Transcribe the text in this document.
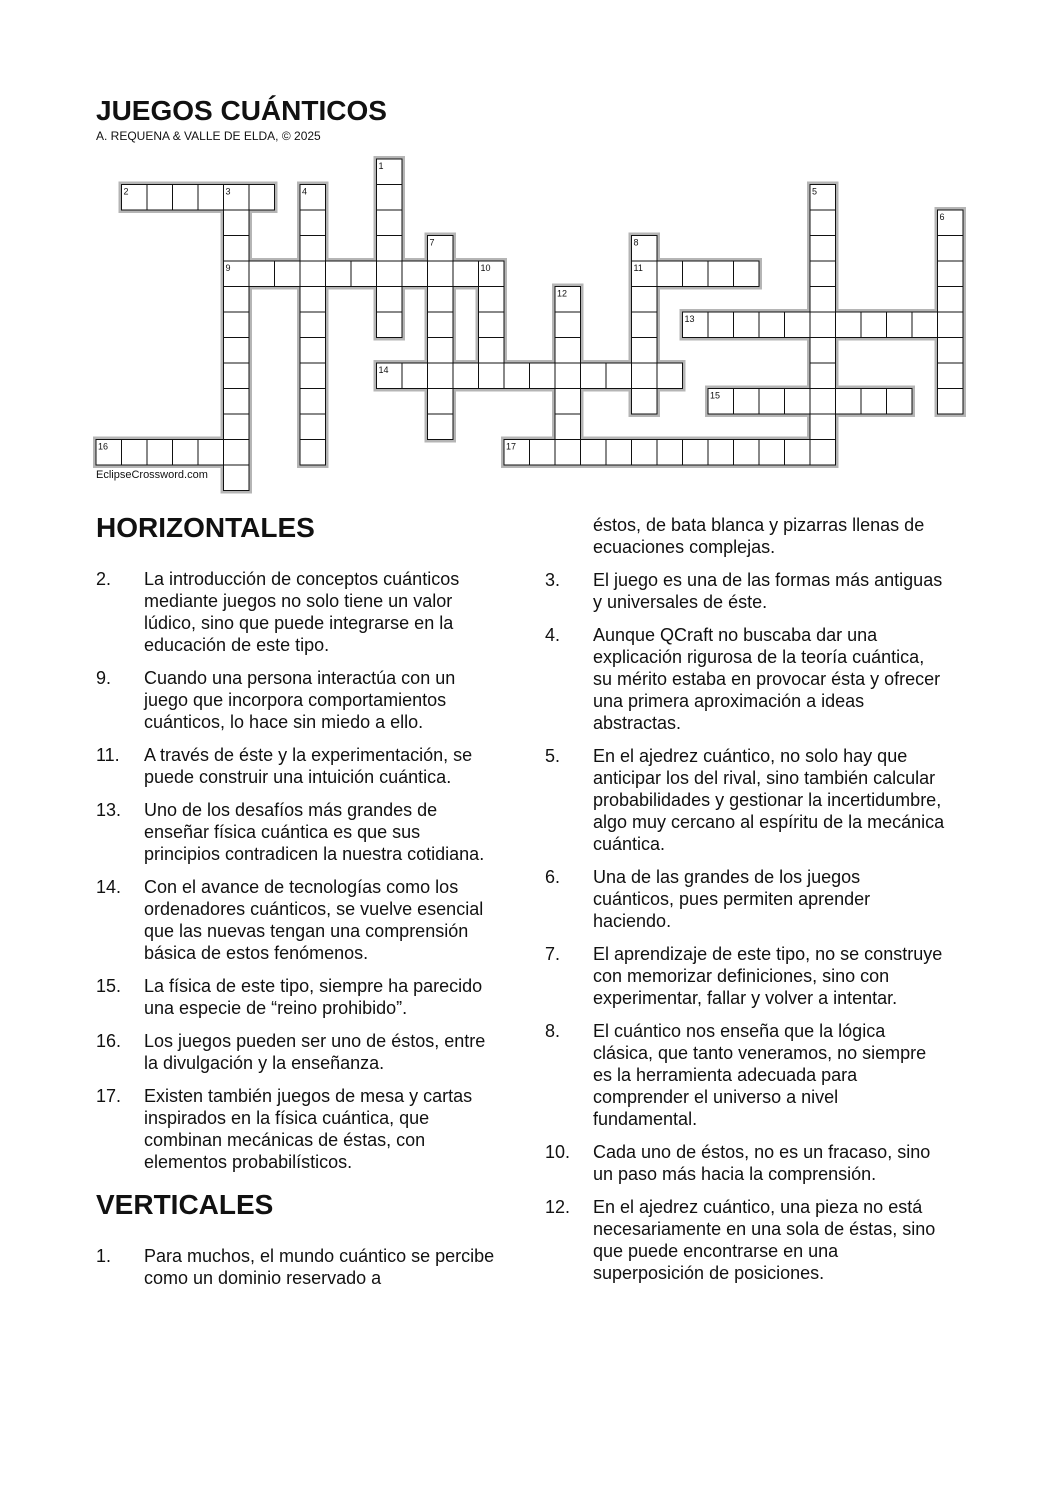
JUEGOS CUÁNTICOS
A. REQUENA & VALLE DE ELDA, © 2025
1
2	3	4	5
6
7	8
9	10	11
12
13
14
15
16	17
EclipseCrossword.com
HORIZONTALES
2.	La introducción de conceptos cuánticos mediante juegos no solo tiene un valor lúdico, sino que puede integrarse en la educación de este tipo.
9.	Cuando una persona interactúa con un juego que incorpora comportamientos cuánticos, lo hace sin miedo a ello.
11.	A través de éste y la experimentación, se puede construir una intuición cuántica.
13.	Uno de los desafíos más grandes de enseñar física cuántica es que sus principios contradicen la nuestra cotidiana.
14.	Con el avance de tecnologías como los ordenadores cuánticos, se vuelve esencial que las nuevas tengan una comprensión básica de estos fenómenos.
15.	La física de este tipo, siempre ha parecido una especie de “reino prohibido”.
16.	Los juegos pueden ser uno de éstos, entre la divulgación y la enseñanza.
17.	Existen también juegos de mesa y cartas inspirados en la física cuántica, que combinan mecánicas de éstas, con elementos probabilísticos.
VERTICALES
1.	Para muchos, el mundo cuántico se percibe como un dominio reservado a
éstos, de bata blanca y pizarras llenas de ecuaciones complejas.
3.	El juego es una de las formas más antiguas y universales de éste.
4.	Aunque QCraft no buscaba dar una explicación rigurosa de la teoría cuántica, su mérito estaba en provocar ésta y ofrecer una primera aproximación a ideas abstractas.
5.	En el ajedrez cuántico, no solo hay que anticipar los del rival, sino también calcular probabilidades y gestionar la incertidumbre, algo muy cercano al espíritu de la mecánica cuántica.
6.	Una de las grandes de los juegos cuánticos, pues permiten aprender haciendo.
7.	El aprendizaje de este tipo, no se construye con memorizar definiciones, sino con experimentar, fallar y volver a intentar.
8.	El cuántico nos enseña que la lógica clásica, que tanto veneramos, no siempre es la herramienta adecuada para comprender el universo a nivel fundamental.
10.	Cada uno de éstos, no es un fracaso, sino un paso más hacia la comprensión.
12.	En el ajedrez cuántico, una pieza no está necesariamente en una sola de éstas, sino que puede encontrarse en una superposición de posiciones.
